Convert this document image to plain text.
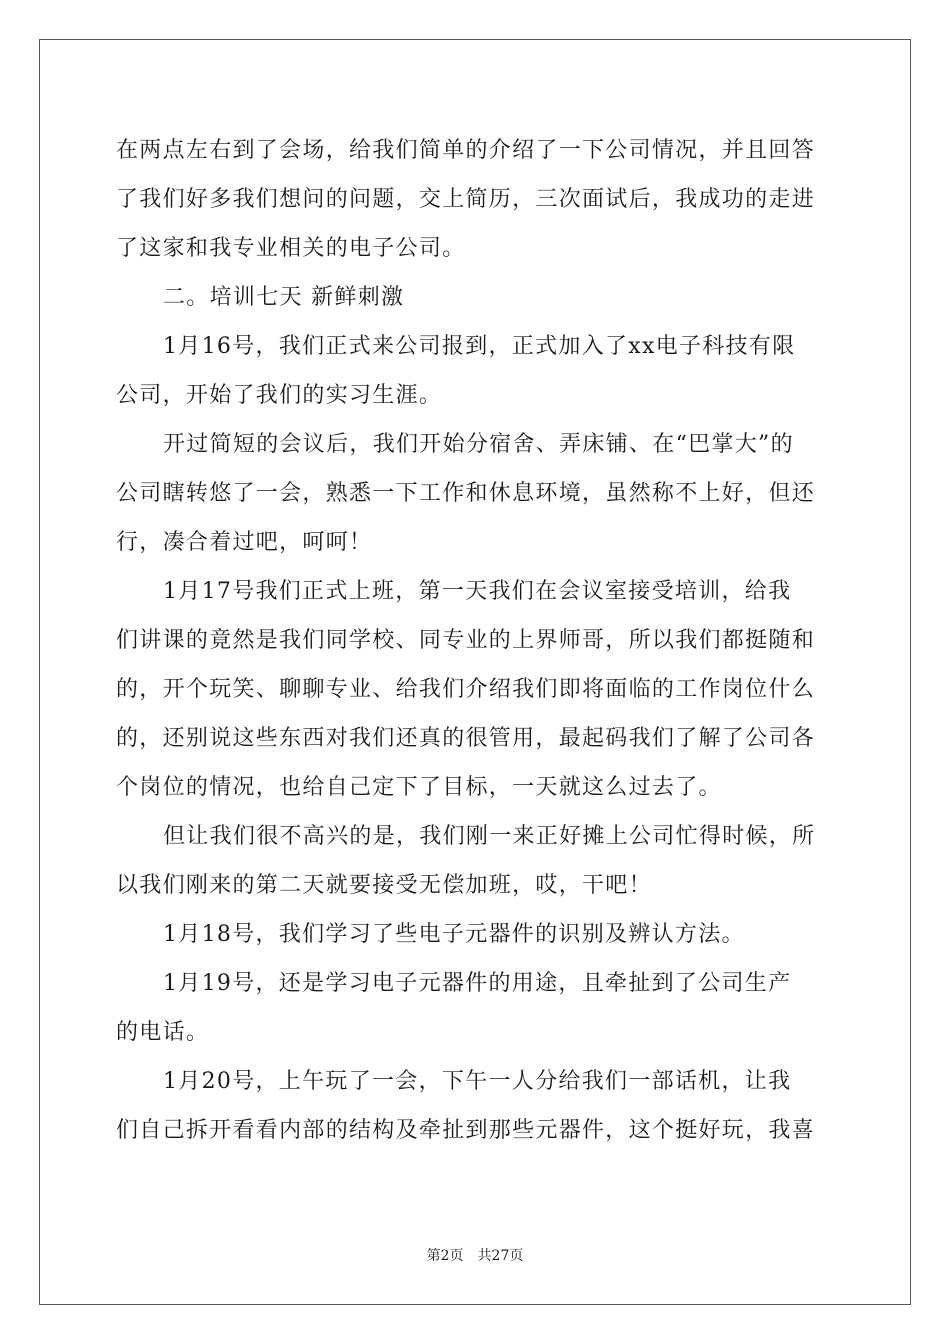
在两点左右到了会场，给我们简单的介绍了一下公司情况，并且回答
了我们好多我们想问的问题，交上简历，三次面试后，我成功的走进
了这家和我专业相关的电子公司。
二。培训七天 新鲜刺激
1月16号，我们正式来公司报到，正式加入了xx电子科技有限
公司，开始了我们的实习生涯。
开过简短的会议后，我们开始分宿舍、弄床铺、在“巴掌大”的
公司瞎转悠了一会，熟悉一下工作和休息环境，虽然称不上好，但还
行，凑合着过吧，呵呵！
1月17号我们正式上班，第一天我们在会议室接受培训，给我
们讲课的竟然是我们同学校、同专业的上界师哥，所以我们都挺随和
的，开个玩笑、聊聊专业、给我们介绍我们即将面临的工作岗位什么
的，还别说这些东西对我们还真的很管用，最起码我们了解了公司各
个岗位的情况，也给自己定下了目标，一天就这么过去了。
但让我们很不高兴的是，我们刚一来正好摊上公司忙得时候，所
以我们刚来的第二天就要接受无偿加班，哎，干吧！
1月18号，我们学习了些电子元器件的识别及辨认方法。
1月19号，还是学习电子元器件的用途，且牵扯到了公司生产
的电话。
1月20号，上午玩了一会，下午一人分给我们一部话机，让我
们自己拆开看看内部的结构及牵扯到那些元器件，这个挺好玩，我喜
第2页 共27页
